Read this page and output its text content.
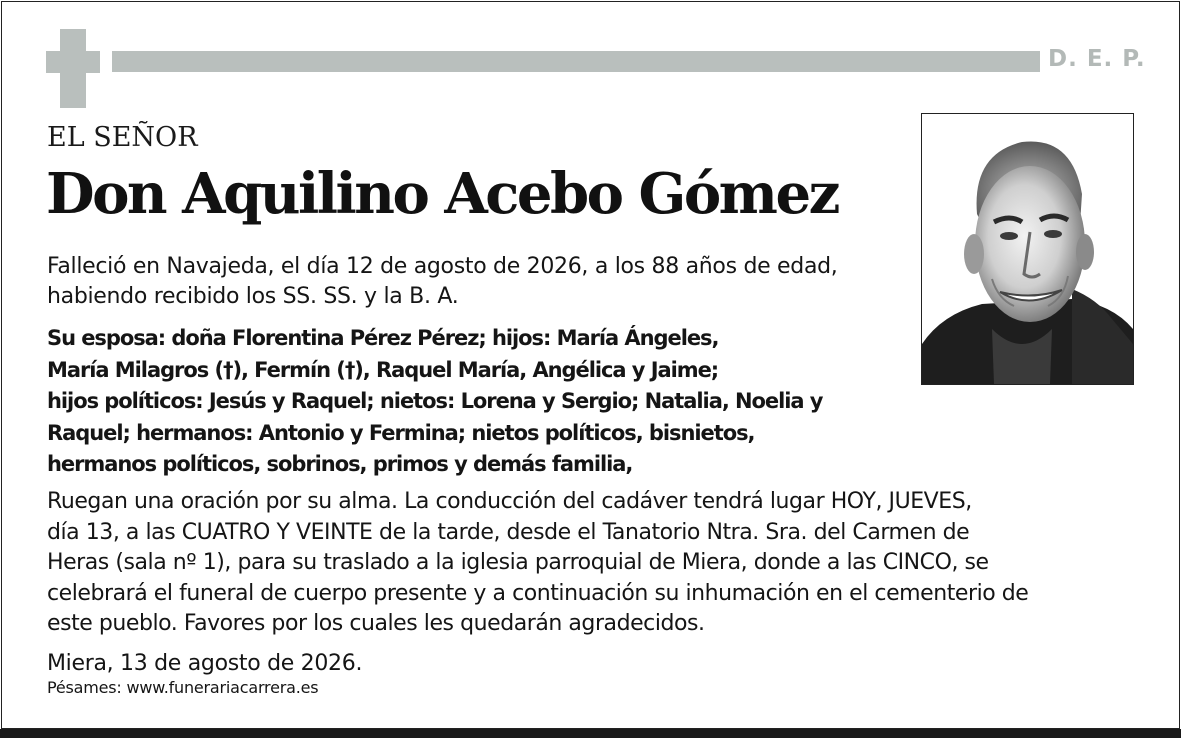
D. E. P.
EL SEÑOR
Don Aquilino Acebo Gómez

Falleció en Navajeda, el día 12 de agosto de 2026, a los 88 años de edad,
habiendo recibido los SS. SS. y la B. A.

Su esposa: doña Florentina Pérez Pérez; hijos: María Ángeles,
María Milagros (†), Fermín (†), Raquel María, Angélica y Jaime;
hijos políticos: Jesús y Raquel; nietos: Lorena y Sergio; Natalia, Noelia y
Raquel; hermanos: Antonio y Fermina; nietos políticos, bisnietos,
hermanos políticos, sobrinos, primos y demás familia,

Ruegan una oración por su alma. La conducción del cadáver tendrá lugar HOY, JUEVES,
día 13, a las CUATRO Y VEINTE de la tarde, desde el Tanatorio Ntra. Sra. del Carmen de
Heras (sala nº 1), para su traslado a la iglesia parroquial de Miera, donde a las CINCO, se
celebrará el funeral de cuerpo presente y a continuación su inhumación en el cementerio de
este pueblo. Favores por los cuales les quedarán agradecidos.

Miera, 13 de agosto de 2026.

Pésames: www.funerariacarrera.es
